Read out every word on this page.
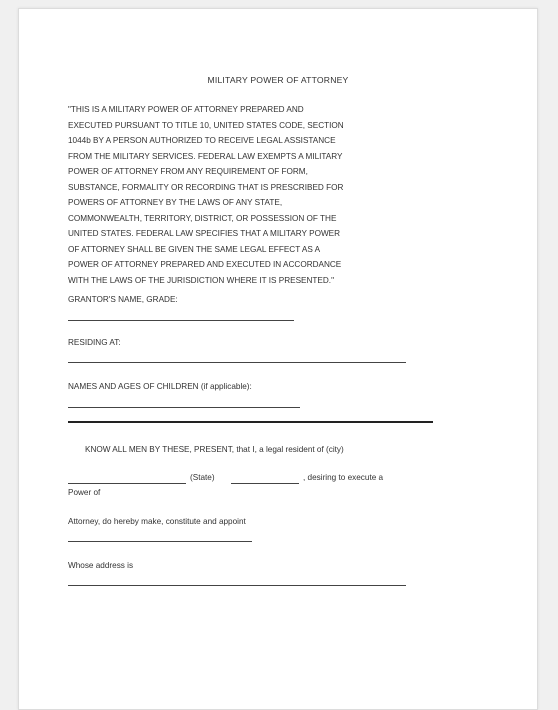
MILITARY POWER OF ATTORNEY
"THIS IS A MILITARY POWER OF ATTORNEY PREPARED AND
EXECUTED PURSUANT TO TITLE 10, UNITED STATES CODE, SECTION
1044b BY A PERSON AUTHORIZED TO RECEIVE LEGAL ASSISTANCE
FROM THE MILITARY SERVICES. FEDERAL LAW EXEMPTS A MILITARY
POWER OF ATTORNEY FROM ANY REQUIREMENT OF FORM,
SUBSTANCE, FORMALITY OR RECORDING THAT IS PRESCRIBED FOR
POWERS OF ATTORNEY BY THE LAWS OF ANY STATE,
COMMONWEALTH, TERRITORY, DISTRICT, OR POSSESSION OF THE
UNITED STATES. FEDERAL LAW SPECIFIES THAT A MILITARY POWER
OF ATTORNEY SHALL BE GIVEN THE SAME LEGAL EFFECT AS A
POWER OF ATTORNEY PREPARED AND EXECUTED IN ACCORDANCE
WITH THE LAWS OF THE JURISDICTION WHERE IT IS PRESENTED."
GRANTOR'S NAME, GRADE:
RESIDING AT:
NAMES AND AGES OF CHILDREN (if applicable):
KNOW ALL MEN BY THESE, PRESENT, that I, a legal resident of (city)
(State)	, desiring to execute a
Power of
Attorney, do hereby make, constitute and appoint
Whose address is
